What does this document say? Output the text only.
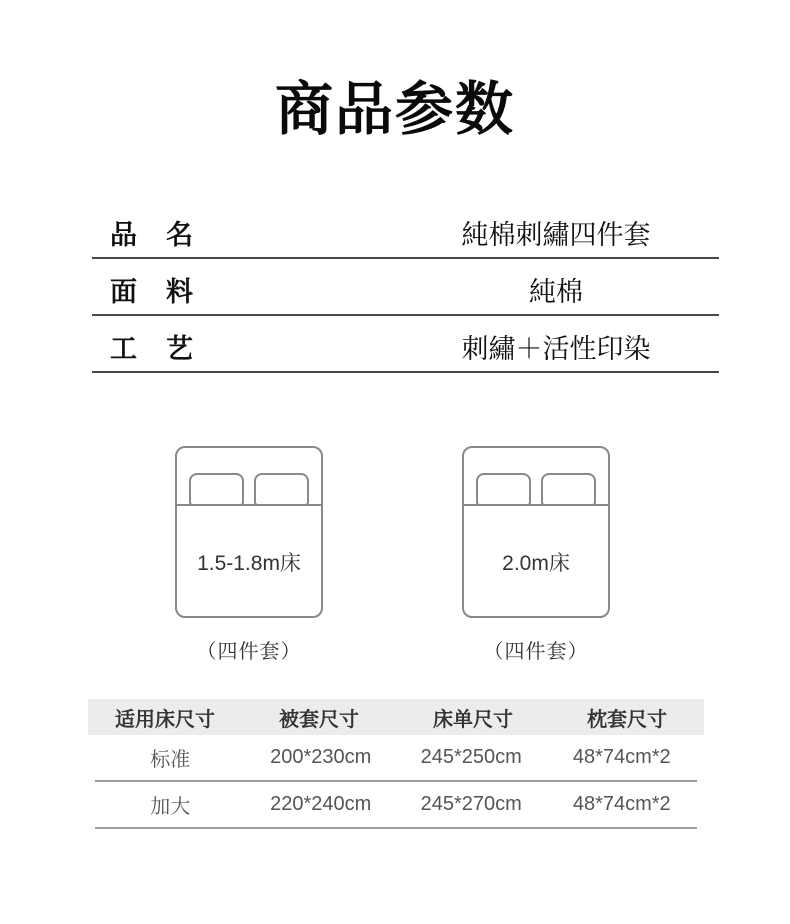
商品参数
品　名	純棉刺繡四件套
面　料	純棉
工　艺	刺繡＋活性印染
1.5-1.8m床
（四件套）
2.0m床
（四件套）
适用床尺寸	被套尺寸	床单尺寸	枕套尺寸
标准	200*230cm	245*250cm	48*74cm*2
加大	220*240cm	245*270cm	48*74cm*2
